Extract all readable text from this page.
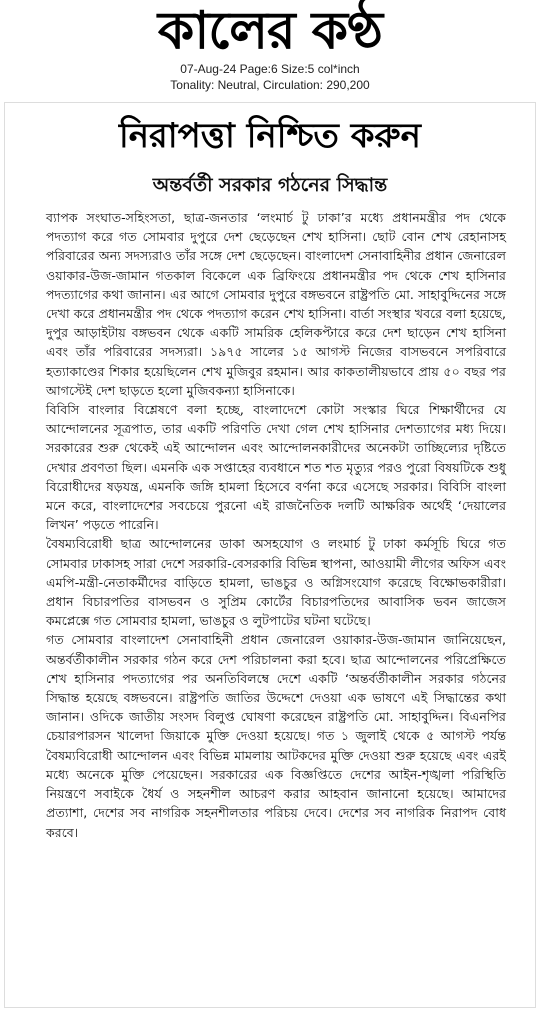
কালের কণ্ঠ
07-Aug-24 Page:6 Size:5 col*inch
Tonality: Neutral, Circulation: 290,200
নিরাপত্তা নিশ্চিত করুন
অন্তর্বর্তী সরকার গঠনের সিদ্ধান্ত

ব্যাপক সংঘাত-সহিংসতা, ছাত্র-জনতার ‘লংমার্চ টু ঢাকা’র মধ্যে প্রধানমন্ত্রীর পদ থেকে পদত্যাগ করে গত সোমবার দুপুরে দেশ ছেড়েছেন শেখ হাসিনা। ছোট বোন শেখ রেহানাসহ পরিবারের অন্য সদস্যরাও তাঁর সঙ্গে দেশ ছেড়েছেন। বাংলাদেশ সেনাবাহিনীর প্রধান জেনারেল ওয়াকার-উজ-জামান গতকাল বিকেলে এক ব্রিফিংয়ে প্রধানমন্ত্রীর পদ থেকে শেখ হাসিনার পদত্যাগের কথা জানান। এর আগে সোমবার দুপুরে বঙ্গভবনে রাষ্ট্রপতি মো. সাহাবুদ্দিনের সঙ্গে দেখা করে প্রধানমন্ত্রীর পদ থেকে পদত্যাগ করেন শেখ হাসিনা। বার্তা সংস্থার খবরে বলা হয়েছে, দুপুর আড়াইটায় বঙ্গভবন থেকে একটি সামরিক হেলিকপ্টারে করে দেশ ছাড়েন শেখ হাসিনা এবং তাঁর পরিবারের সদস্যরা। ১৯৭৫ সালের ১৫ আগস্ট নিজের বাসভবনে সপরিবারে হত্যাকাণ্ডের শিকার হয়েছিলেন শেখ মুজিবুর রহমান। আর কাকতালীয়ভাবে প্রায় ৫০ বছর পর আগস্টেই দেশ ছাড়তে হলো মুজিবকন্যা হাসিনাকে।

বিবিসি বাংলার বিশ্লেষণে বলা হচ্ছে, বাংলাদেশে কোটা সংস্কার ঘিরে শিক্ষার্থীদের যে আন্দোলনের সূত্রপাত, তার একটি পরিণতি দেখা গেল শেখ হাসিনার দেশত্যাগের মধ্য দিয়ে। সরকারের শুরু থেকেই এই আন্দোলন এবং আন্দোলনকারীদের অনেকটা তাচ্ছিল্যের দৃষ্টিতে দেখার প্রবণতা ছিল। এমনকি এক সপ্তাহের ব্যবধানে শত শত মৃত্যুর পরও পুরো বিষয়টিকে শুধু বিরোধীদের ষড়যন্ত্র, এমনকি জঙ্গি হামলা হিসেবে বর্ণনা করে এসেছে সরকার। বিবিসি বাংলা মনে করে, বাংলাদেশের সবচেয়ে পুরনো এই রাজনৈতিক দলটি আক্ষরিক অর্থেই ‘দেয়ালের লিখন’ পড়তে পারেনি।

বৈষম্যবিরোধী ছাত্র আন্দোলনের ডাকা অসহযোগ ও লংমার্চ টু ঢাকা কর্মসূচি ঘিরে গত সোমবার ঢাকাসহ সারা দেশে সরকারি-বেসরকারি বিভিন্ন স্থাপনা, আওয়ামী লীগের অফিস এবং এমপি-মন্ত্রী-নেতাকর্মীদের বাড়িতে হামলা, ভাঙচুর ও অগ্নিসংযোগ করেছে বিক্ষোভকারীরা। প্রধান বিচারপতির বাসভবন ও সুপ্রিম কোর্টের বিচারপতিদের আবাসিক ভবন জাজেস কমপ্লেক্সে গত সোমবার হামলা, ভাঙচুর ও লুটপাটের ঘটনা ঘটেছে।

গত সোমবার বাংলাদেশ সেনাবাহিনী প্রধান জেনারেল ওয়াকার-উজ-জামান জানিয়েছেন, অন্তর্বর্তীকালীন সরকার গঠন করে দেশ পরিচালনা করা হবে। ছাত্র আন্দোলনের পরিপ্রেক্ষিতে শেখ হাসিনার পদত্যাগের পর অনতিবিলম্বে দেশে একটি ‘অন্তর্বর্তীকালীন সরকার গঠনের সিদ্ধান্ত হয়েছে বঙ্গভবনে। রাষ্ট্রপতি জাতির উদ্দেশে দেওয়া এক ভাষণে এই সিদ্ধান্তের কথা জানান। ওদিকে জাতীয় সংসদ বিলুপ্ত ঘোষণা করেছেন রাষ্ট্রপতি মো. সাহাবুদ্দিন। বিএনপির চেয়ারপারসন খালেদা জিয়াকে মুক্তি দেওয়া হয়েছে। গত ১ জুলাই থেকে ৫ আগস্ট পর্যন্ত বৈষম্যবিরোধী আন্দোলন এবং বিভিন্ন মামলায় আটকদের মুক্তি দেওয়া শুরু হয়েছে এবং এরই মধ্যে অনেকে মুক্তি পেয়েছেন। সরকারের এক বিজ্ঞপ্তিতে দেশের আইন-শৃঙ্খলা পরিস্থিতি নিয়ন্ত্রণে সবাইকে ধৈর্য ও সহনশীল আচরণ করার আহবান জানানো হয়েছে। আমাদের প্রত্যাশা, দেশের সব নাগরিক সহনশীলতার পরিচয় দেবে। দেশের সব নাগরিক নিরাপদ বোধ করবে।
